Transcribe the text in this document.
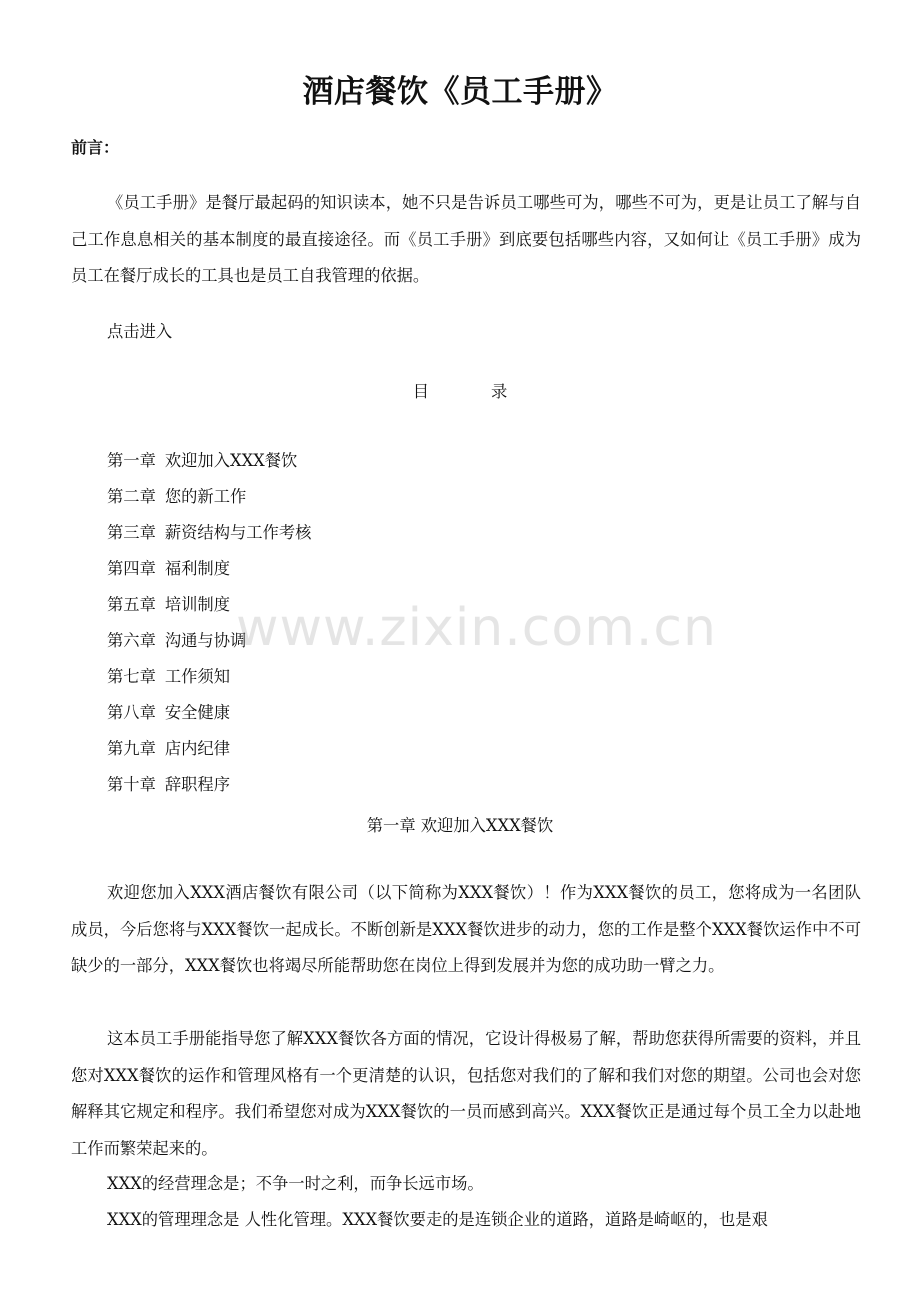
酒店餐饮《员工手册》
前言：

《员工手册》是餐厅最起码的知识读本，她不只是告诉员工哪些可为，哪些不可为，更是让员工了解与自己工作息息相关的基本制度的最直接途径。而《员工手册》到底要包括哪些内容，又如何让《员工手册》成为员工在餐厅成长的工具也是员工自我管理的依据。

点击进入
目	录
第一章 欢迎加入XXX餐饮
第二章 您的新工作
第三章 薪资结构与工作考核
第四章 福利制度
第五章 培训制度
第六章 沟通与协调
第七章 工作须知
第八章 安全健康
第九章 店内纪律
第十章 辞职程序
第一章 欢迎加入XXX餐饮

欢迎您加入XXX酒店餐饮有限公司（以下简称为XXX餐饮）！作为XXX餐饮的员工，您将成为一名团队成员，今后您将与XXX餐饮一起成长。不断创新是XXX餐饮进步的动力，您的工作是整个XXX餐饮运作中不可缺少的一部分，XXX餐饮也将竭尽所能帮助您在岗位上得到发展并为您的成功助一臂之力。

这本员工手册能指导您了解XXX餐饮各方面的情况，它设计得极易了解，帮助您获得所需要的资料，并且您对XXX餐饮的运作和管理风格有一个更清楚的认识，包括您对我们的了解和我们对您的期望。公司也会对您解释其它规定和程序。我们希望您对成为XXX餐饮的一员而感到高兴。XXX餐饮正是通过每个员工全力以赴地工作而繁荣起来的。

XXX的经营理念是；不争一时之利，而争长远市场。

XXX的管理理念是 人性化管理。XXX餐饮要走的是连锁企业的道路，道路是崎岖的，也是艰

www.zixin.com.cn
